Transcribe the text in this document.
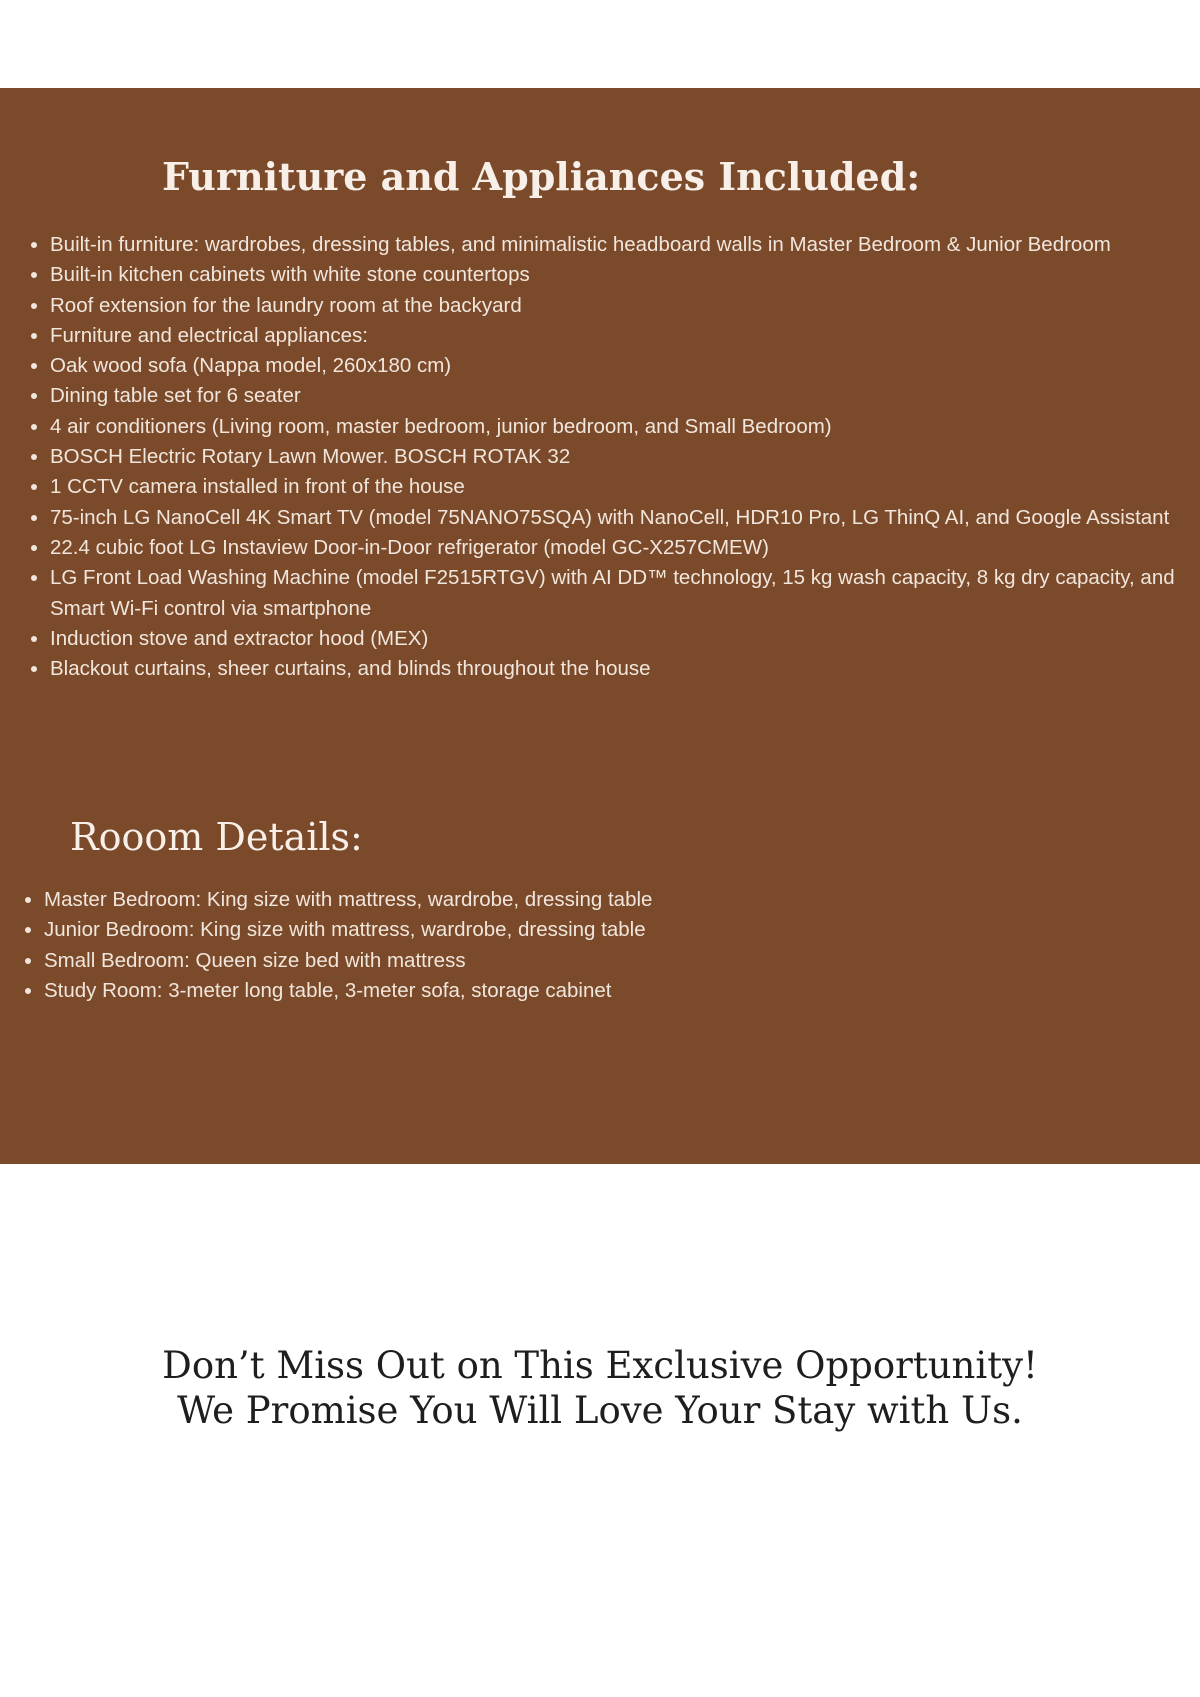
Furniture and Appliances Included:
• Built-in furniture: wardrobes, dressing tables, and minimalistic headboard walls in Master Bedroom & Junior Bedroom
• Built-in kitchen cabinets with white stone countertops
• Roof extension for the laundry room at the backyard
• Furniture and electrical appliances:
• Oak wood sofa (Nappa model, 260x180 cm)
• Dining table set for 6 seater
• 4 air conditioners (Living room, master bedroom, junior bedroom, and Small Bedroom)
• BOSCH Electric Rotary Lawn Mower. BOSCH ROTAK 32
• 1 CCTV camera installed in front of the house
• 75-inch LG NanoCell 4K Smart TV (model 75NANO75SQA) with NanoCell, HDR10 Pro, LG ThinQ AI, and Google Assistant
• 22.4 cubic foot LG Instaview Door-in-Door refrigerator (model GC-X257CMEW)
• LG Front Load Washing Machine (model F2515RTGV) with AI DD™ technology, 15 kg wash capacity, 8 kg dry capacity, and Smart Wi-Fi control via smartphone
• Induction stove and extractor hood (MEX)
• Blackout curtains, sheer curtains, and blinds throughout the house
Rooom Details:
• Master Bedroom: King size with mattress, wardrobe, dressing table
• Junior Bedroom: King size with mattress, wardrobe, dressing table
• Small Bedroom: Queen size bed with mattress
• Study Room: 3-meter long table, 3-meter sofa, storage cabinet

Don’t Miss Out on This Exclusive Opportunity!
We Promise You Will Love Your Stay with Us.
